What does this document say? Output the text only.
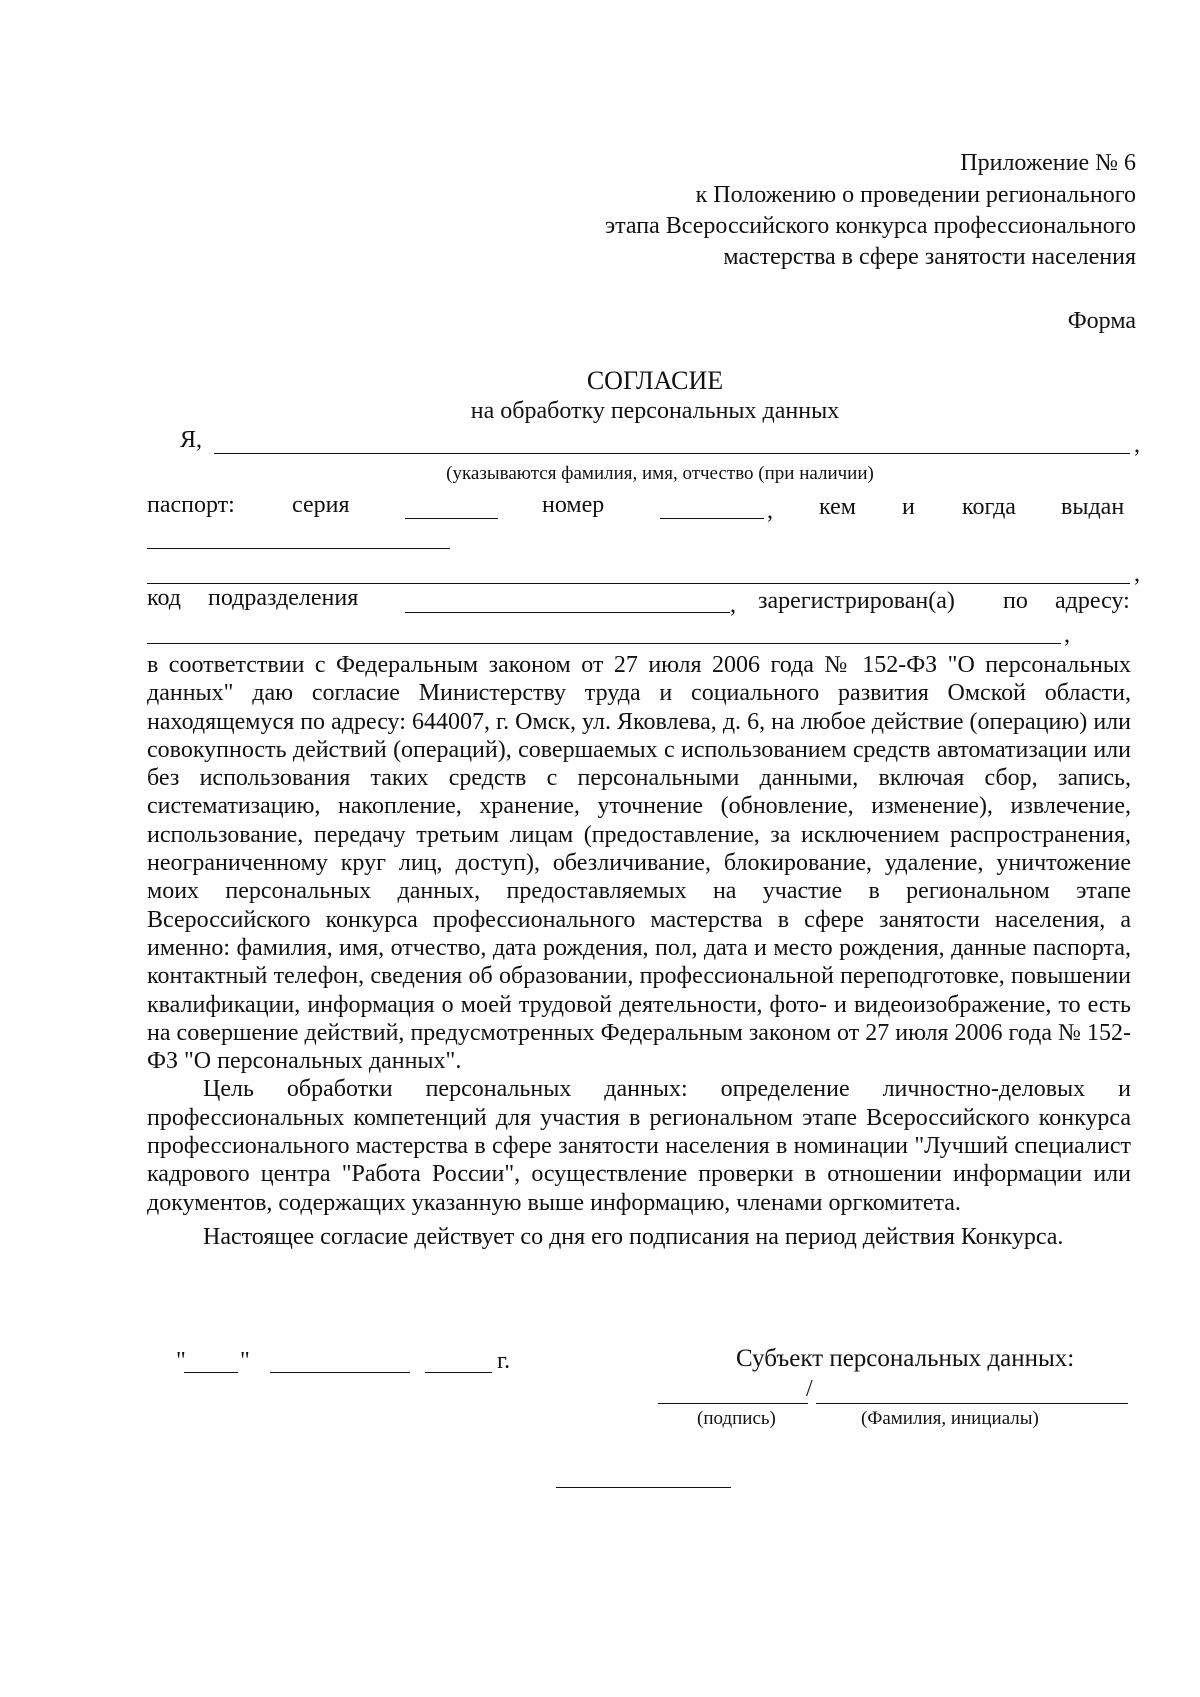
Приложение № 6
к Положению о проведении регионального
этапа Всероссийского конкурса профессионального
мастерства в сфере занятости населения
Форма
СОГЛАСИЕ
на обработку персональных данных
Я,	,
(указываются фамилия, имя, отчество (при наличии)
паспорт: серия	номер	, кем и когда выдан
,
код подразделения	, зарегистрирован(а) по адресу:
,

в соответствии с Федеральным законом от 27 июля 2006 года № 152-ФЗ "О персональных данных" даю согласие Министерству труда и социального развития Омской области, находящемуся по адресу: 644007, г. Омск, ул. Яковлева, д. 6, на любое действие (операцию) или совокупность действий (операций), совершаемых с использованием средств автоматизации или без использования таких средств с персональными данными, включая сбор, запись, систематизацию, накопление, хранение, уточнение (обновление, изменение), извлечение, использование, передачу третьим лицам (предоставление, за исключением распространения, неограниченному круг лиц, доступ), обезличивание, блокирование, удаление, уничтожение моих персональных данных, предоставляемых на участие в региональном этапе Всероссийского конкурса профессионального мастерства в сфере занятости населения, а именно: фамилия, имя, отчество, дата рождения, пол, дата и место рождения, данные паспорта, контактный телефон, сведения об образовании, профессиональной переподготовке, повышении квалификации, информация о моей трудовой деятельности, фото- и видеоизображение, то есть на совершение действий, предусмотренных Федеральным законом от 27 июля 2006 года № 152-ФЗ "О персональных данных".

Цель обработки персональных данных: определение личностно-деловых и профессиональных компетенций для участия в региональном этапе Всероссийского конкурса профессионального мастерства в сфере занятости населения в номинации "Лучший специалист кадрового центра "Работа России", осуществление проверки в отношении информации или документов, содержащих указанную выше информацию, членами оргкомитета.

Настоящее согласие действует со дня его подписания на период действия Конкурса.

" "	г.	Субъект персональных данных:
/
(подпись)	(Фамилия, инициалы)
